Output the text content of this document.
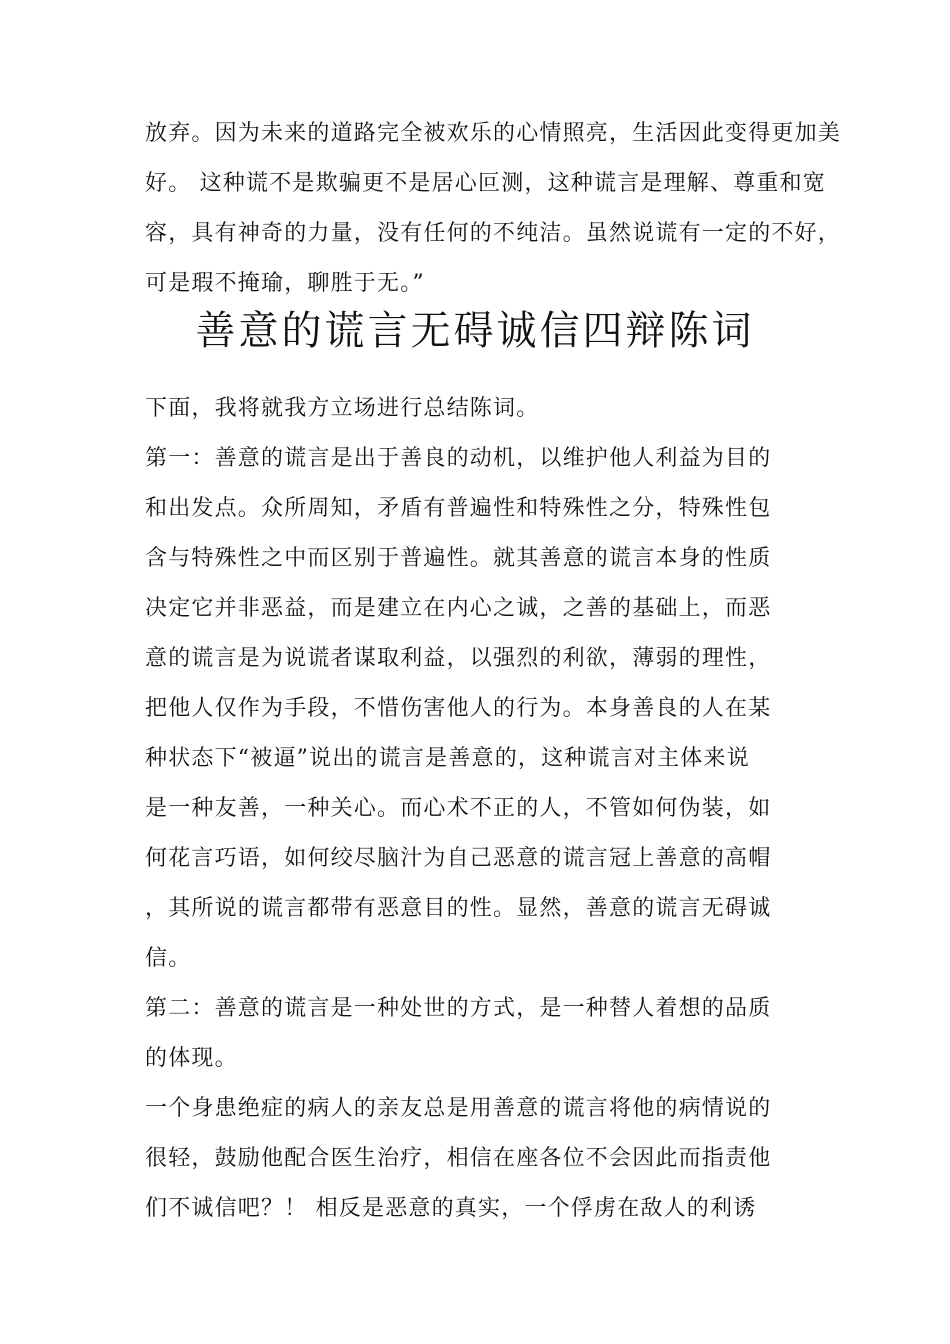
放弃。因为未来的道路完全被欢乐的心情照亮，生活因此变得更加美
好。 这种谎不是欺骗更不是居心叵测，这种谎言是理解、尊重和宽
容，具有神奇的力量，没有任何的不纯洁。虽然说谎有一定的不好，
可是瑕不掩瑜，聊胜于无。”
善意的谎言无碍诚信四辩陈词
下面，我将就我方立场进行总结陈词。
第一：善意的谎言是出于善良的动机，以维护他人利益为目的
和出发点。众所周知，矛盾有普遍性和特殊性之分，特殊性包
含与特殊性之中而区别于普遍性。就其善意的谎言本身的性质
决定它并非恶益，而是建立在内心之诚，之善的基础上，而恶
意的谎言是为说谎者谋取利益，以强烈的利欲，薄弱的理性，
把他人仅作为手段，不惜伤害他人的行为。本身善良的人在某
种状态下“被逼”说出的谎言是善意的，这种谎言对主体来说
是一种友善，一种关心。而心术不正的人，不管如何伪装，如
何花言巧语，如何绞尽脑汁为自己恶意的谎言冠上善意的高帽
，其所说的谎言都带有恶意目的性。显然，善意的谎言无碍诚
信。
第二：善意的谎言是一种处世的方式，是一种替人着想的品质
的体现。
一个身患绝症的病人的亲友总是用善意的谎言将他的病情说的
很轻，鼓励他配合医生治疗，相信在座各位不会因此而指责他
们不诚信吧？！ 相反是恶意的真实，一个俘虏在敌人的利诱
